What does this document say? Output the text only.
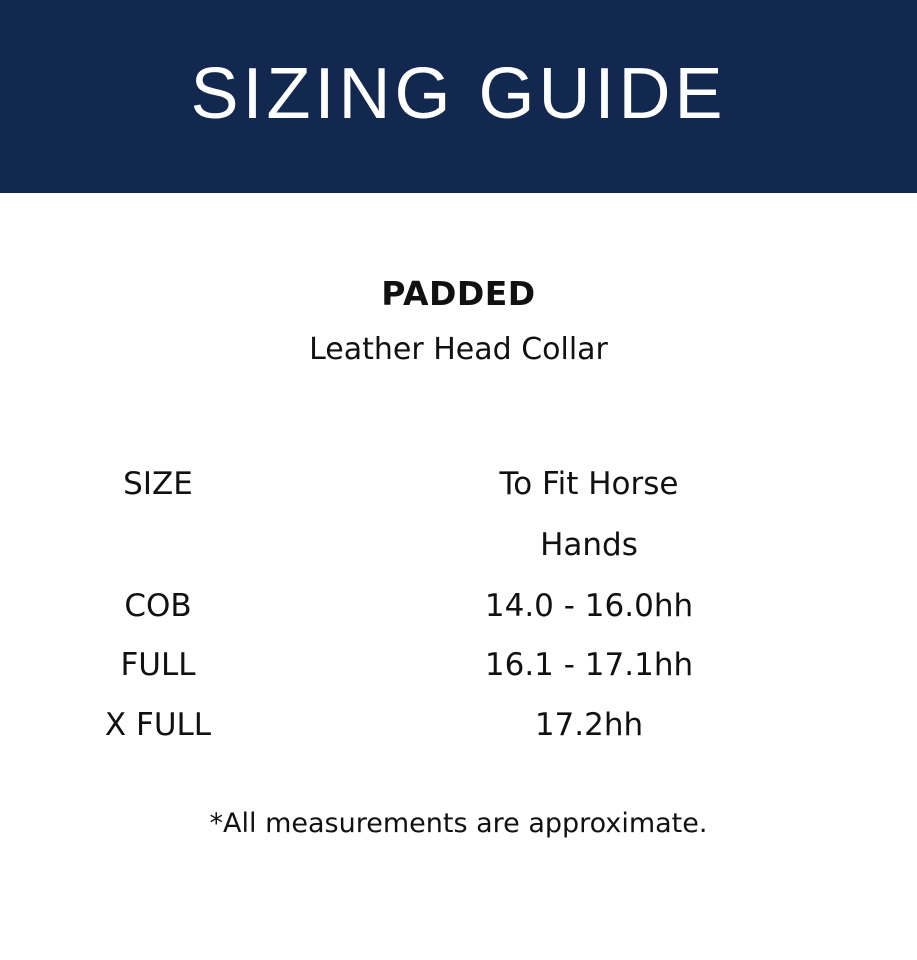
SIZING GUIDE

PADDED

Leather Head Collar

SIZE	To Fit Horse
Hands
COB	14.0 - 16.0hh
FULL	16.1 - 17.1hh
X FULL	17.2hh

*All measurements are approximate.
